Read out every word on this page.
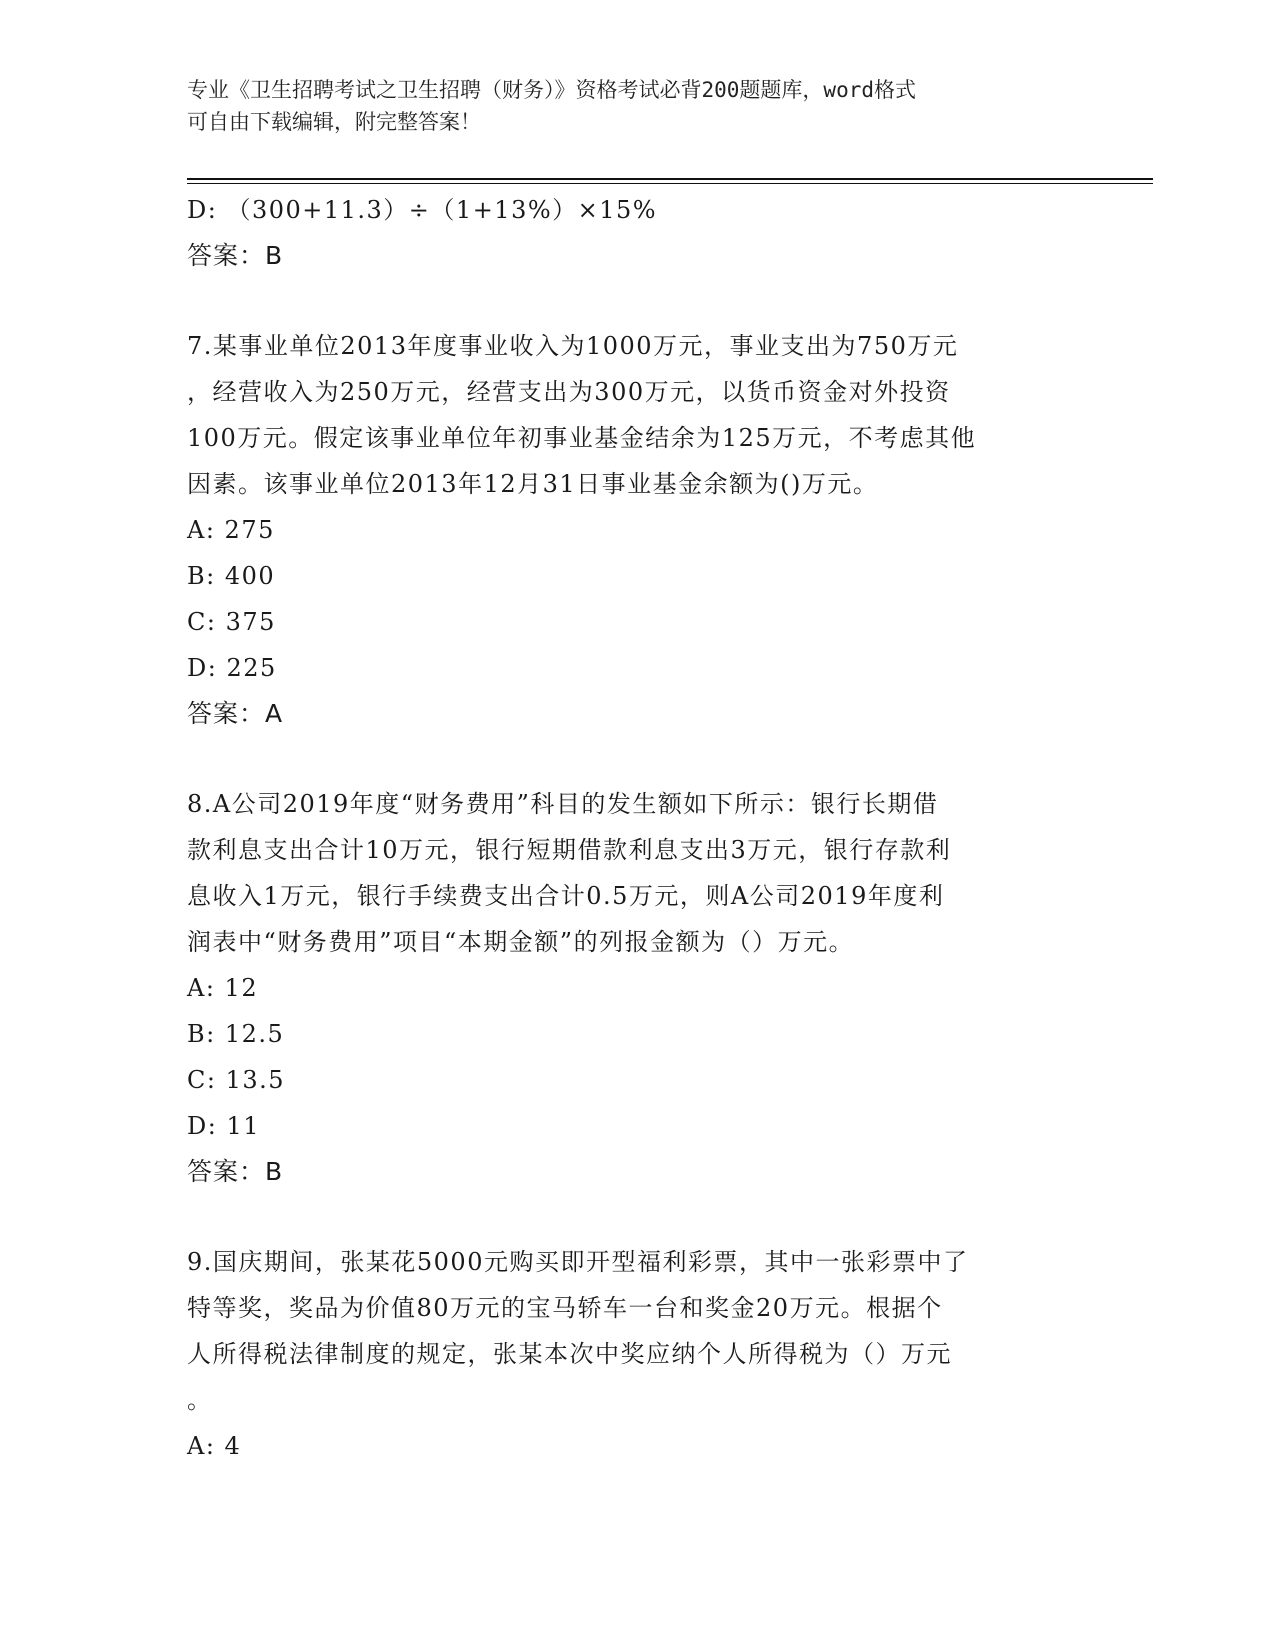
专业《卫生招聘考试之卫生招聘（财务）》资格考试必背200题题库，word格式
可自由下载编辑，附完整答案！
D: （300+11.3）÷（1+13%）×15%
答案：B
7.某事业单位2013年度事业收入为1000万元，事业支出为750万元
，经营收入为250万元，经营支出为300万元，以货币资金对外投资
100万元。假定该事业单位年初事业基金结余为125万元，不考虑其他
因素。该事业单位2013年12月31日事业基金余额为()万元。
A: 275
B: 400
C: 375
D: 225
答案：A
8.A公司2019年度“财务费用”科目的发生额如下所示：银行长期借
款利息支出合计10万元，银行短期借款利息支出3万元，银行存款利
息收入1万元，银行手续费支出合计0.5万元，则A公司2019年度利
润表中“财务费用”项目“本期金额”的列报金额为（）万元。
A: 12
B: 12.5
C: 13.5
D: 11
答案：B
9.国庆期间，张某花5000元购买即开型福利彩票，其中一张彩票中了
特等奖，奖品为价值80万元的宝马轿车一台和奖金20万元。根据个
人所得税法律制度的规定，张某本次中奖应纳个人所得税为（）万元
。
A: 4
